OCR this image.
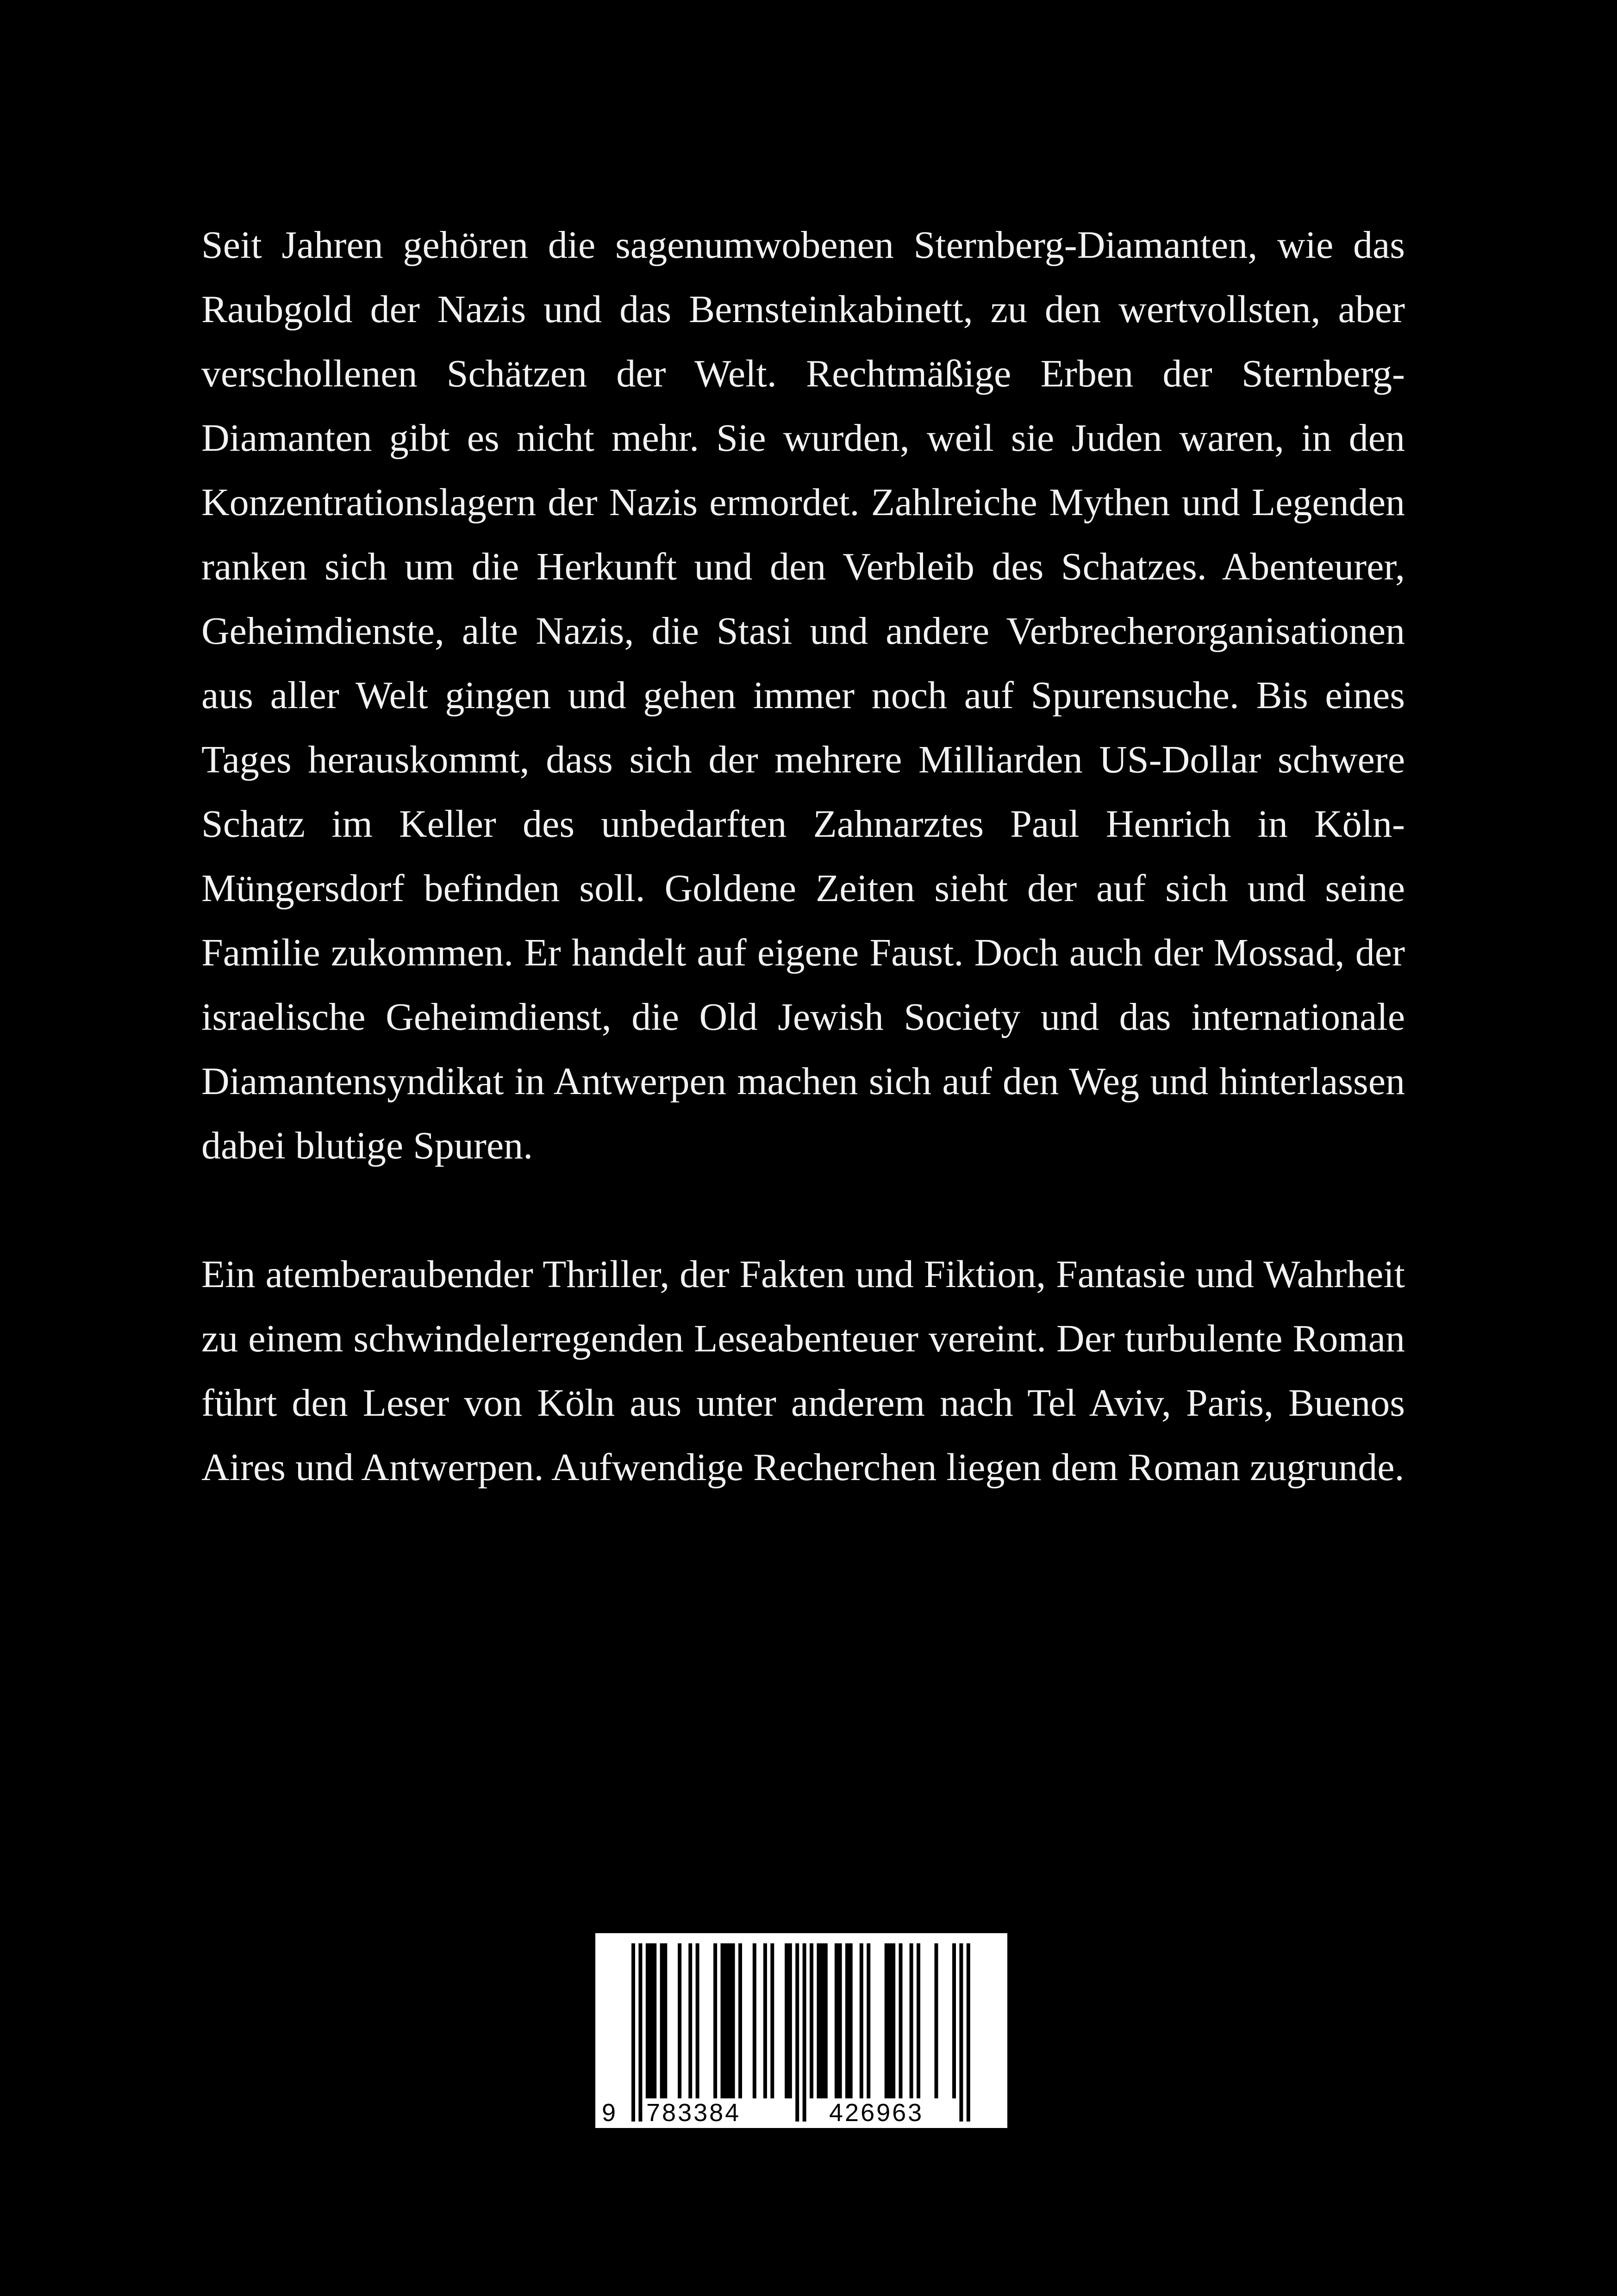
Seit Jahren gehören die sagenumwobenen Sternberg-Diamanten, wie das Raubgold der Nazis und das Bernsteinkabinett, zu den wertvollsten, aber verschollenen Schätzen der Welt. Rechtmäßige Erben der Sternberg-Diamanten gibt es nicht mehr. Sie wurden, weil sie Juden waren, in den Konzentrationslagern der Nazis ermordet. Zahlreiche Mythen und Legenden ranken sich um die Herkunft und den Verbleib des Schatzes. Abenteurer, Geheimdienste, alte Nazis, die Stasi und andere Verbrecherorganisationen aus aller Welt gingen und gehen immer noch auf Spurensuche. Bis eines Tages herauskommt, dass sich der mehrere Milliarden US-Dollar schwere Schatz im Keller des unbedarften Zahnarztes Paul Henrich in Köln-Müngersdorf befinden soll. Goldene Zeiten sieht der auf sich und seine Familie zukommen. Er handelt auf eigene Faust. Doch auch der Mossad, der israelische Geheimdienst, die Old Jewish Society und das internationale Diamantensyndikat in Antwerpen machen sich auf den Weg und hinterlassen dabei blutige Spuren.

Ein atemberaubender Thriller, der Fakten und Fiktion, Fantasie und Wahrheit zu einem schwindelerregenden Leseabenteuer vereint. Der turbulente Roman führt den Leser von Köln aus unter anderem nach Tel Aviv, Paris, Buenos Aires und Antwerpen. Aufwendige Recherchen liegen dem Roman zugrunde.

9 783384	426963
